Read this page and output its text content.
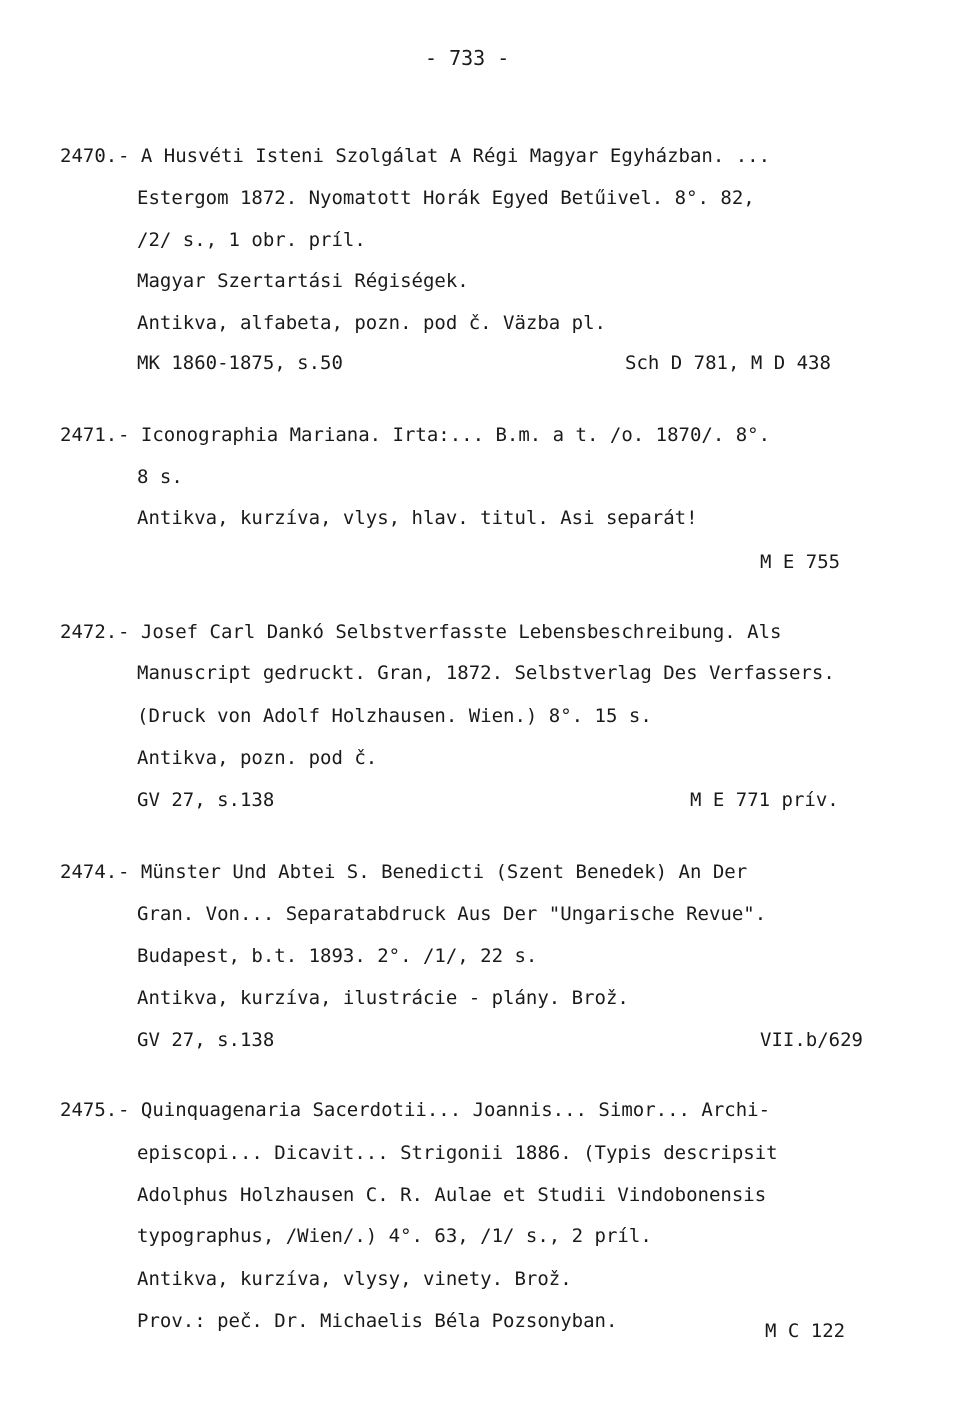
- 733 -
2470. - A Husvéti Isteni Szolgálat A Régi Magyar Egyházban. ...
Estergom 1872. Nyomatott Horák Egyed Betűivel. 8°. 82,
/2/ s., 1 obr. príl.
Magyar Szertartási Régiségek.
Antikva, alfabeta, pozn. pod č. Väzba pl.
MK 1860-1875, s.50	Sch D 781, M D 438
2471. - Iconographia Mariana. Irta:... B.m. a t. /o. 1870/. 8°.
8 s.
Antikva, kurzíva, vlys, hlav. titul. Asi separát!
M E 755
2472. - Josef Carl Dankó Selbstverfasste Lebensbeschreibung. Als
Manuscript gedruckt. Gran, 1872. Selbstverlag Des Verfassers.
(Druck von Adolf Holzhausen. Wien.) 8°. 15 s.
Antikva, pozn. pod č.
GV 27, s.138	M E 771 prív.
2474. - Münster Und Abtei S. Benedicti (Szent Benedek) An Der
Gran. Von... Separatabdruck Aus Der "Ungarische Revue".
Budapest, b.t. 1893. 2°. /1/, 22 s.
Antikva, kurzíva, ilustrácie - plány. Brož.
GV 27, s.138	VII.b/629
2475. - Quinquagenaria Sacerdotii... Joannis... Simor... Archi-
episcopi... Dicavit... Strigonii 1886. (Typis descripsit
Adolphus Holzhausen C. R. Aulae et Studii Vindobonensis
typographus, /Wien/.) 4°. 63, /1/ s., 2 príl.
Antikva, kurzíva, vlysy, vinety. Brož.
Prov.: peč. Dr. Michaelis Béla Pozsonyban.	M C 122
